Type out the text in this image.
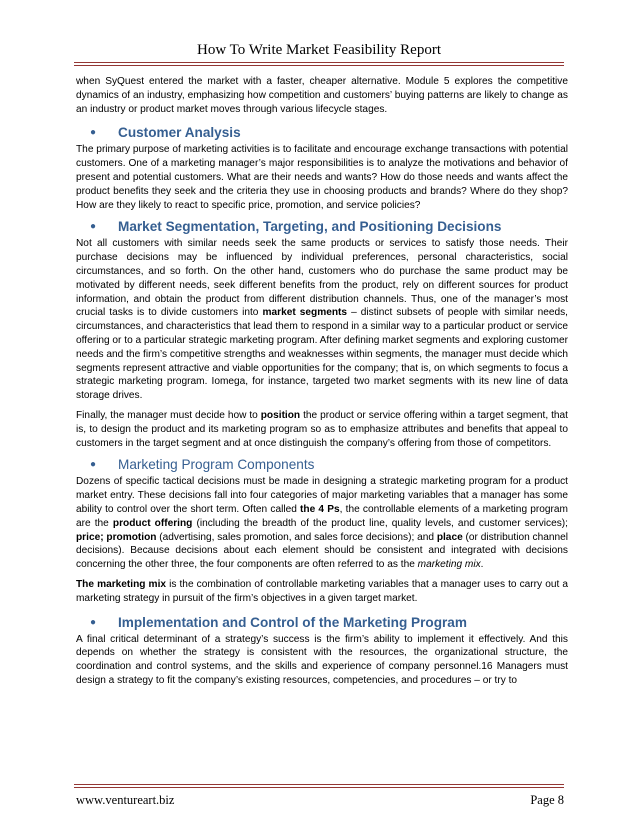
How To Write Market Feasibility Report

when SyQuest entered the market with a faster, cheaper alternative. Module 5 explores the competitive dynamics of an industry, emphasizing how competition and customers’ buying patterns are likely to change as an industry or product market moves through various lifecycle stages.

●	Customer Analysis

The primary purpose of marketing activities is to facilitate and encourage exchange transactions with potential customers. One of a marketing manager’s major responsibilities is to analyze the motivations and behavior of present and potential customers. What are their needs and wants? How do those needs and wants affect the product benefits they seek and the criteria they use in choosing products and brands? Where do they shop? How are they likely to react to specific price, promotion, and service policies?

●	Market Segmentation, Targeting, and Positioning Decisions

Not all customers with similar needs seek the same products or services to satisfy those needs. Their purchase decisions may be influenced by individual preferences, personal characteristics, social circumstances, and so forth. On the other hand, customers who do purchase the same product may be motivated by different needs, seek different benefits from the product, rely on different sources for product information, and obtain the product from different distribution channels. Thus, one of the manager’s most crucial tasks is to divide customers into market segments – distinct subsets of people with similar needs, circumstances, and characteristics that lead them to respond in a similar way to a particular product or service offering or to a particular strategic marketing program. After defining market segments and exploring customer needs and the firm’s competitive strengths and weaknesses within segments, the manager must decide which segments represent attractive and viable opportunities for the company; that is, on which segments to focus a strategic marketing program. Iomega, for instance, targeted two market segments with its new line of data storage drives.

Finally, the manager must decide how to position the product or service offering within a target segment, that is, to design the product and its marketing program so as to emphasize attributes and benefits that appeal to customers in the target segment and at once distinguish the company’s offering from those of competitors.

●	Marketing Program Components

Dozens of specific tactical decisions must be made in designing a strategic marketing program for a product market entry. These decisions fall into four categories of major marketing variables that a manager has some ability to control over the short term. Often called the 4 Ps, the controllable elements of a marketing program are the product offering (including the breadth of the product line, quality levels, and customer services); price; promotion (advertising, sales promotion, and sales force decisions); and place (or distribution channel decisions). Because decisions about each element should be consistent and integrated with decisions concerning the other three, the four components are often referred to as the marketing mix.

The marketing mix is the combination of controllable marketing variables that a manager uses to carry out a marketing strategy in pursuit of the firm’s objectives in a given target market.

●	Implementation and Control of the Marketing Program

A final critical determinant of a strategy’s success is the firm’s ability to implement it effectively. And this depends on whether the strategy is consistent with the resources, the organizational structure, the coordination and control systems, and the skills and experience of company personnel.16 Managers must design a strategy to fit the company’s existing resources, competencies, and procedures – or try to

www.ventureart.biz	Page 8
